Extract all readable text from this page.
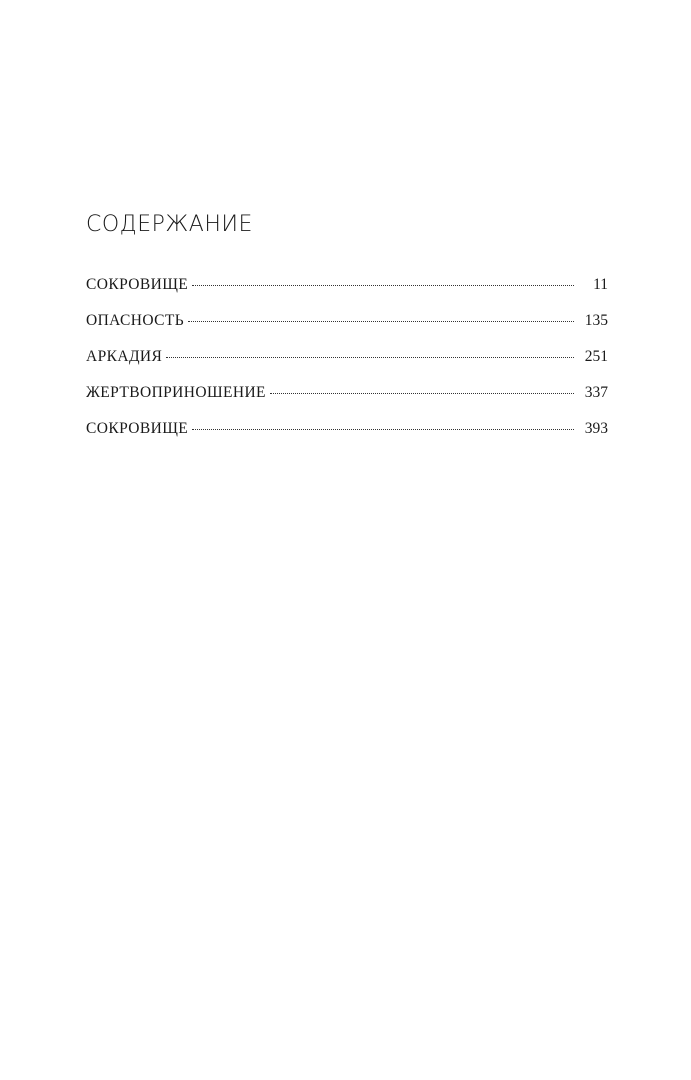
СОДЕРЖАНИЕ
СОКРОВИЩЕ	11
ОПАСНОСТЬ	135
АРКАДИЯ	251
ЖЕРТВОПРИНОШЕНИЕ	337
СОКРОВИЩЕ	393
